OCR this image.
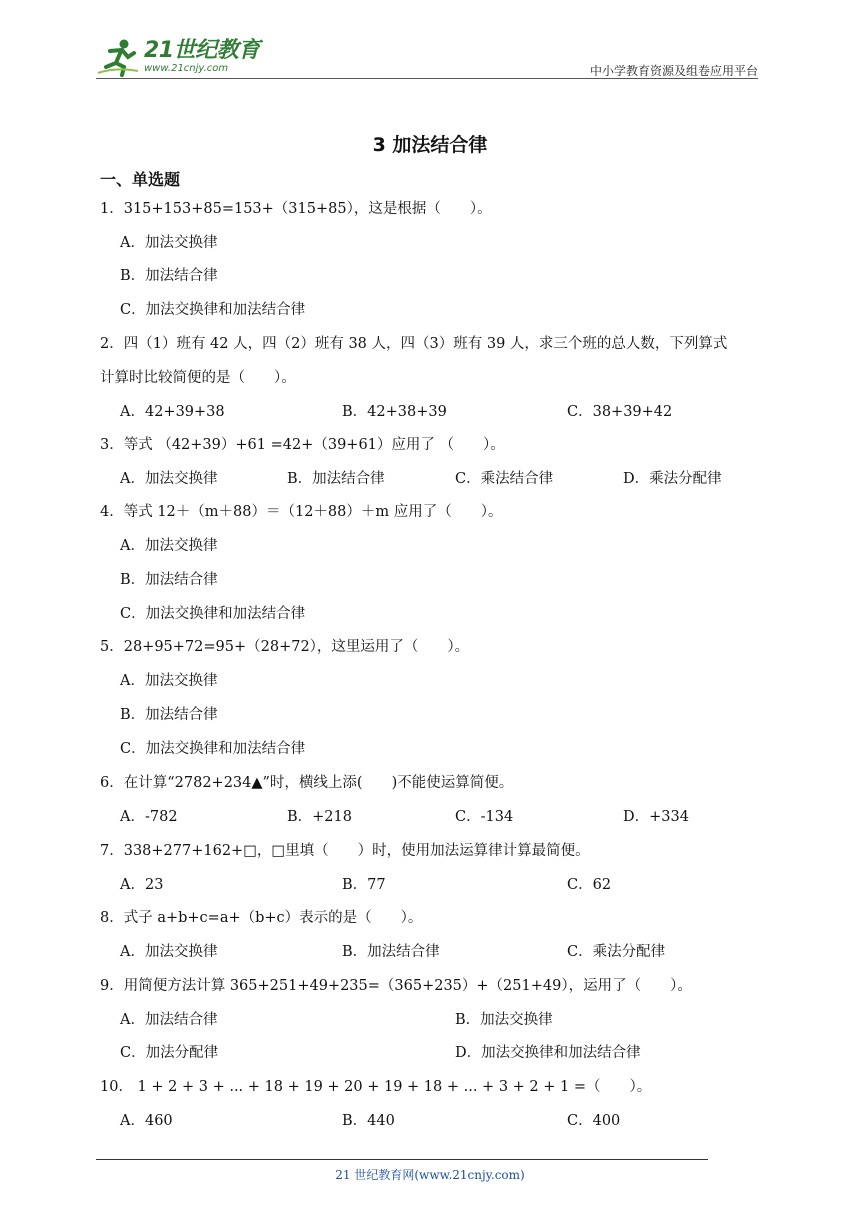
21世纪教育
www.21cnjy.com	中小学教育资源及组卷应用平台
3 加法结合律
一、单选题
1．315+153+85=153+（315+85），这是根据（　　）。
A．加法交换律
B．加法结合律
C．加法交换律和加法结合律
2．四（1）班有 42 人，四（2）班有 38 人，四（3）班有 39 人，求三个班的总人数，下列算式
计算时比较简便的是（　　）。
A．42+39+38	B．42+38+39	C．38+39+42
3．等式 （42+39）+61 =42+（39+61）应用了 （　　）。
A．加法交换律	B．加法结合律	C．乘法结合律	D．乘法分配律
4．等式 12＋（m＋88）＝（12＋88）＋m 应用了（　　）。
A．加法交换律
B．加法结合律
C．加法交换律和加法结合律
5．28+95+72=95+（28+72），这里运用了（　　）。
A．加法交换律
B．加法结合律
C．加法交换律和加法结合律
6．在计算“2782+234▲”时，横线上添(　　)不能使运算简便。
A．-782	B．+218	C．-134	D．+334
7．338+277+162+□，□里填（　　）时，使用加法运算律计算最简便。
A．23	B．77	C．62
8．式子 a+b+c=a+（b+c）表示的是（　　）。
A．加法交换律	B．加法结合律	C．乘法分配律
9．用简便方法计算 365+251+49+235=（365+235）+（251+49），运用了（　　）。
A．加法结合律	B．加法交换律
C．加法分配律	D．加法交换律和加法结合律
10． 1 + 2 + 3 + ... + 18 + 19 + 20 + 19 + 18 + ... + 3 + 2 + 1 =（　　）。
A．460	B．440	C．400
21 世纪教育网(www.21cnjy.com)
